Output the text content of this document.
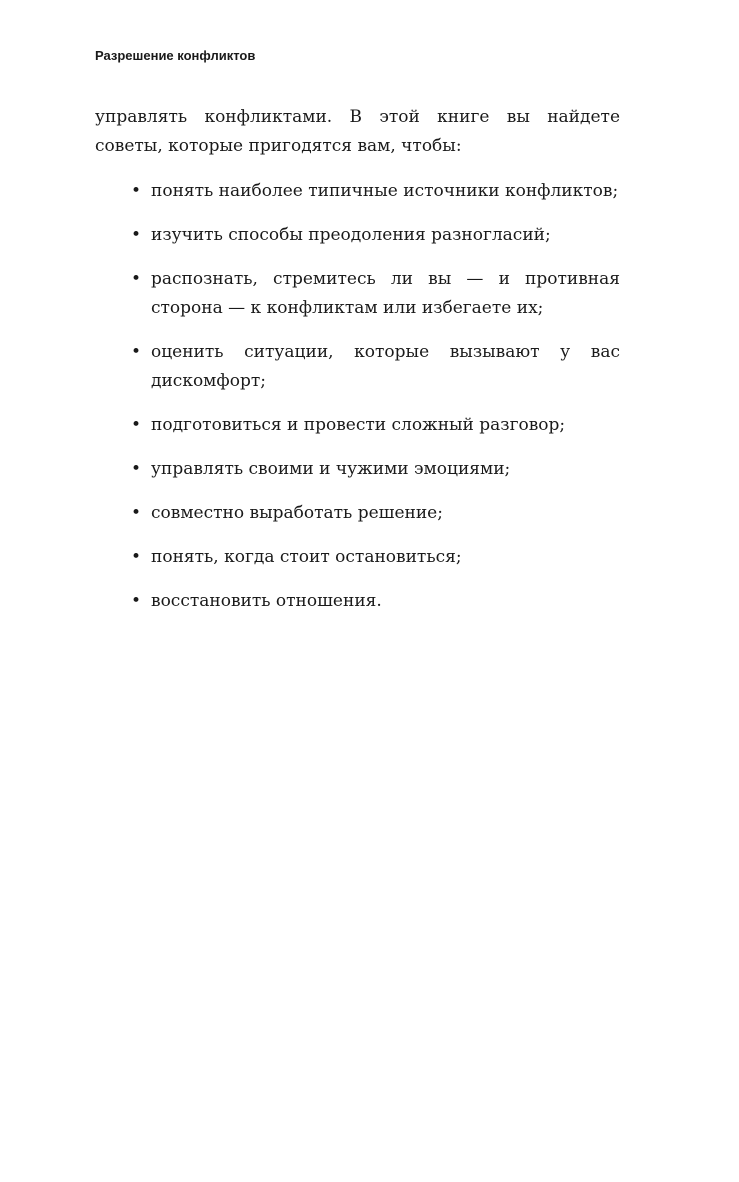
Разрешение конфликтов

управлять конфликтами. В этой книге вы найдете советы, которые пригодятся вам, чтобы:

• понять наиболее типичные источники конфликтов;
• изучить способы преодоления разногласий;
• распознать, стремитесь ли вы — и противная сторона — к конфликтам или избегаете их;
• оценить ситуации, которые вызывают у вас дискомфорт;
• подготовиться и провести сложный разговор;
• управлять своими и чужими эмоциями;
• совместно выработать решение;
• понять, когда стоит остановиться;
• восстановить отношения.
